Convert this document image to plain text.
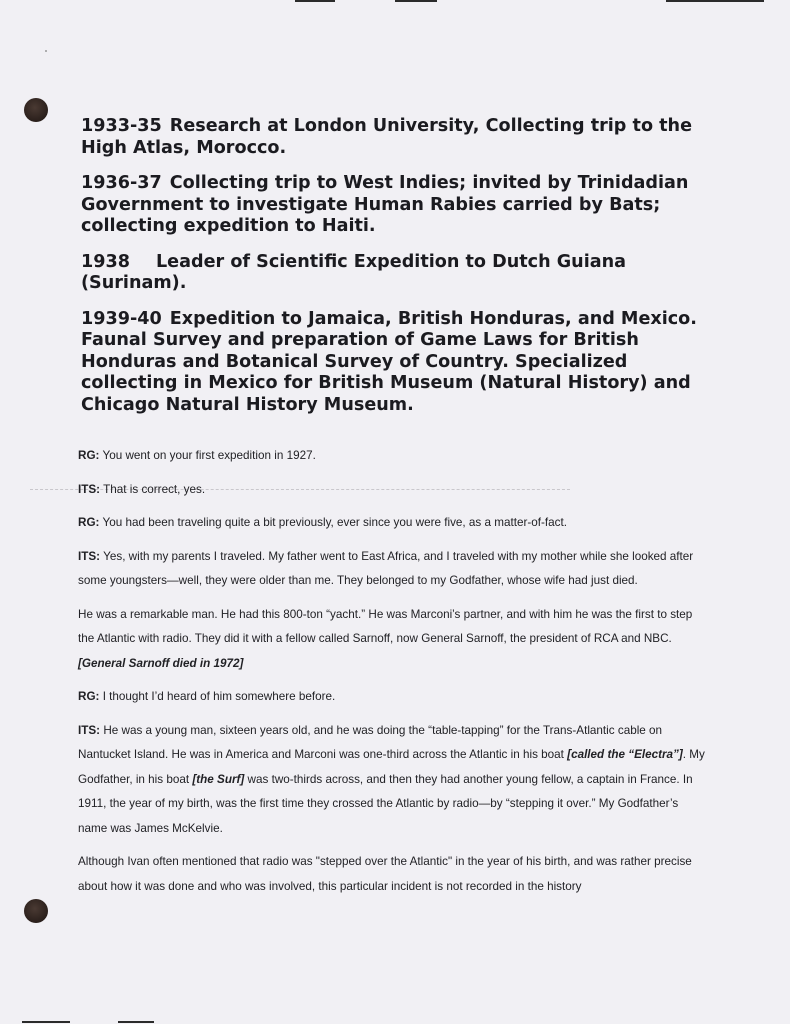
1933-35 Research at London University, Collecting trip to the High Atlas, Morocco.

1936-37 Collecting trip to West Indies; invited by Trinidadian Government to investigate Human Rabies carried by Bats; collecting expedition to Haiti.

1938 Leader of Scientific Expedition to Dutch Guiana (Surinam).

1939-40 Expedition to Jamaica, British Honduras, and Mexico. Faunal Survey and preparation of Game Laws for British Honduras and Botanical Survey of Country. Specialized collecting in Mexico for British Museum (Natural History) and Chicago Natural History Museum.

RG: You went on your first expedition in 1927.

ITS: That is correct, yes.

RG: You had been traveling quite a bit previously, ever since you were five, as a matter-of-fact.

ITS: Yes, with my parents I traveled. My father went to East Africa, and I traveled with my mother while she looked after some youngsters—well, they were older than me. They belonged to my Godfather, whose wife had just died.

He was a remarkable man. He had this 800-ton “yacht.” He was Marconi’s partner, and with him he was the first to step the Atlantic with radio. They did it with a fellow called Sarnoff, now General Sarnoff, the president of RCA and NBC. [General Sarnoff died in 1972]

RG: I thought I’d heard of him somewhere before.

ITS: He was a young man, sixteen years old, and he was doing the “table-tapping” for the Trans-Atlantic cable on Nantucket Island. He was in America and Marconi was one-third across the Atlantic in his boat [called the “Electra”]. My Godfather, in his boat [the Surf] was two-thirds across, and then they had another young fellow, a captain in France. In 1911, the year of my birth, was the first time they crossed the Atlantic by radio—by “stepping it over.” My Godfather’s name was James McKelvie.

Although Ivan often mentioned that radio was "stepped over the Atlantic" in the year of his birth, and was rather precise about how it was done and who was involved, this particular incident is not recorded in the history
